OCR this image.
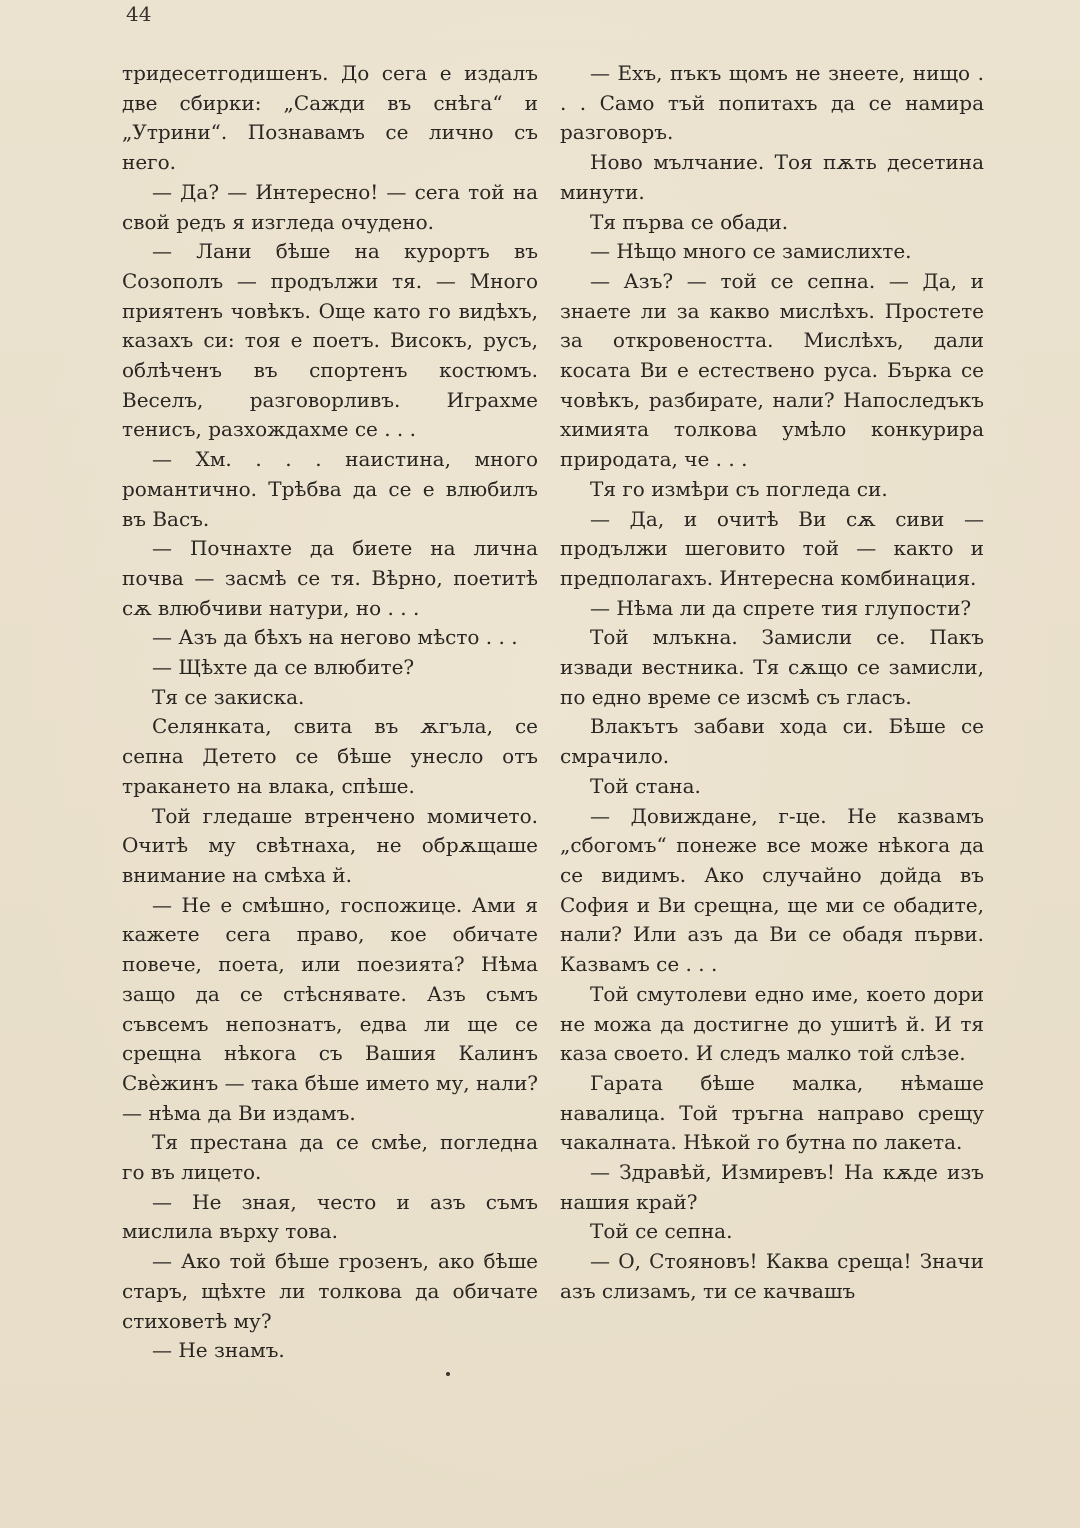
44

тридесетгодишенъ. До сега е издалъ две сбирки: „Сажди въ снѣга“ и „Утрини“. Познавамъ се лично съ него.

— Да? — Интересно! — сега той на свой редъ я изгледа очудено.

— Лани бѣше на курортъ въ Созополъ — продължи тя. — Много приятенъ човѣкъ. Още като го видѣхъ, казахъ си: тоя е поетъ. Високъ, русъ, облѣченъ въ спортенъ костюмъ. Веселъ, разговорливъ. Играхме тенисъ, разхождахме се . . .

— Хм. . . . наистина, много романтично. Трѣбва да се е влюбилъ въ Васъ.

— Почнахте да биете на лична почва — засмѣ се тя. Вѣрно, поетитѣ сѫ влюбчиви натури, но . . .

— Азъ да бѣхъ на негово мѣсто . . .

— Щѣхте да се влюбите?

Тя се закиска.

Селянката, свита въ ѫгъла, се сепна Детето се бѣше унесло отъ тракането на влака, спѣше.

Той гледаше втренчено момичето. Очитѣ му свѣтнаха, не обрѫщаше внимание на смѣха й.

— Не е смѣшно, госпожице. Ами я кажете сега право, кое обичате повече, поета, или поезията? Нѣма защо да се стѣснявате. Азъ съмъ съвсемъ непознатъ, едва ли ще се срещна нѣкога съ Вашия Калинъ Свѐжинъ — така бѣше името му, нали? — нѣма да Ви издамъ.

Тя престана да се смѣе, погледна го въ лицето.

— Не зная, често и азъ съмъ мислила върху това.

— Ако той бѣше грозенъ, ако бѣше старъ, щѣхте ли толкова да обичате стиховетѣ му?

— Не знамъ.

— Ехъ, пъкъ щомъ не знеете, нищо . . . Само тъй попитахъ да се намира разговоръ.

Ново мълчание. Тоя пѫть десетина минути.

Тя първа се обади.

— Нѣщо много се замислихте.

— Азъ? — той се сепна. — Да, и знаете ли за какво мислѣхъ. Простете за откровеността. Мислѣхъ, дали косата Ви е естествено руса. Бърка се човѣкъ, разбирате, нали? Напоследъкъ химията толкова умѣло конкурира природата, че . . .

Тя го измѣри съ погледа си.

— Да, и очитѣ Ви сѫ сиви — продължи шеговито той — както и предполагахъ. Интересна комбинация.

— Нѣма ли да спрете тия глупости?

Той млъкна. Замисли се. Пакъ извади вестника. Тя сѫщо се замисли, по едно време се изсмѣ съ гласъ.

Влакътъ забави хода си. Бѣше се смрачило.

Той стана.

— Довиждане, г-це. Не казвамъ „сбогомъ“ понеже все може нѣкога да се видимъ. Ако случайно дойда въ София и Ви срещна, ще ми се обадите, нали? Или азъ да Ви се обадя първи. Казвамъ се . . .

Той смутолеви едно име, което дори не можа да достигне до ушитѣ й. И тя каза своето. И следъ малко той слѣзе.

Гарата бѣше малка, нѣмаше навалица. Той тръгна направо срещу чакалната. Нѣкой го бутна по лакета.

— Здравѣй, Измиревъ! На кѫде изъ нашия край?

Той се сепна.

— О, Стояновъ! Каква среща! Значи азъ слизамъ, ти се качвашъ
